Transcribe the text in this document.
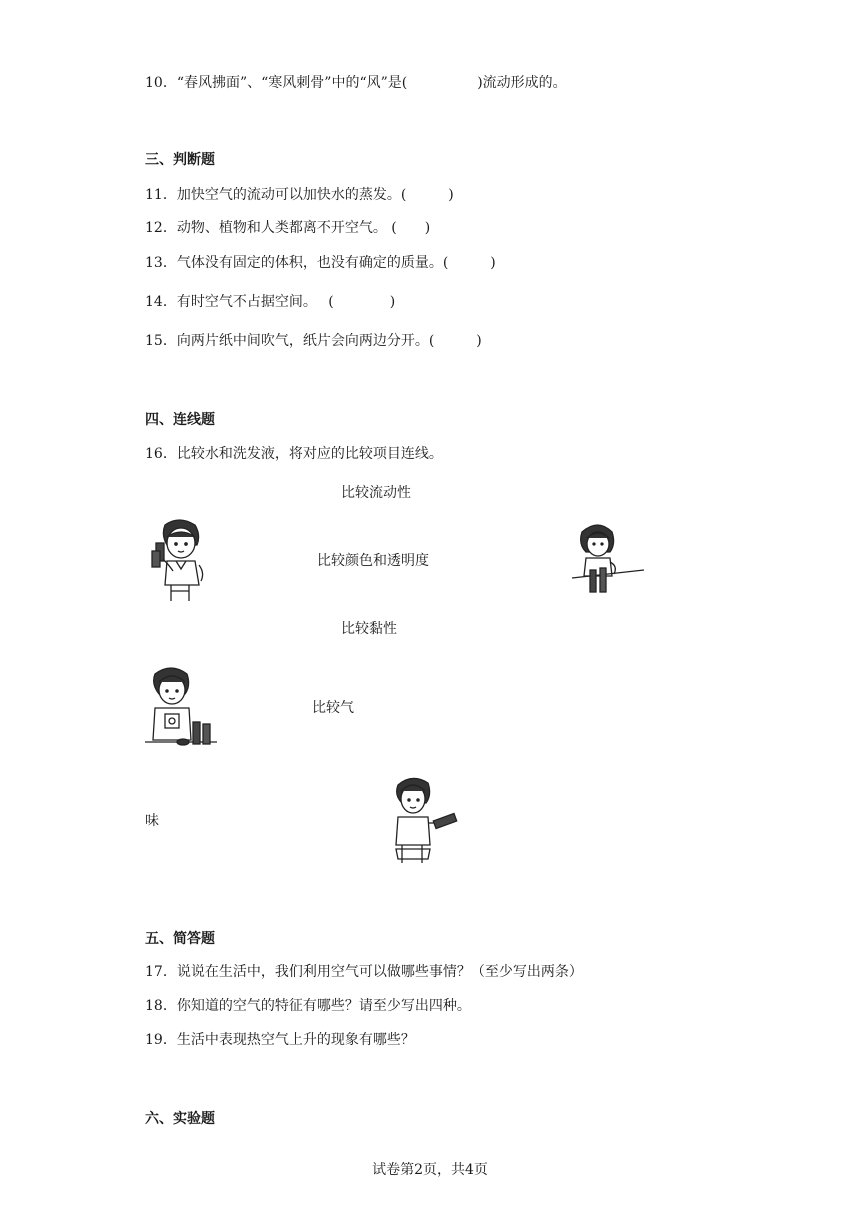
10．“春风拂面”、“寒风刺骨”中的“风”是(　　　　　)流动形成的。
三、判断题
11．加快空气的流动可以加快水的蒸发。(　　　)
12．动物、植物和人类都离不开空气。 (　　)
13．气体没有固定的体积，也没有确定的质量。(　　　)
14．有时空气不占据空间。　 (　　　　)
15．向两片纸中间吹气，纸片会向两边分开。(　　　)
四、连线题
16．比较水和洗发液，将对应的比较项目连线。
比较流动性
比较颜色和透明度
比较黏性
比较气
味
五、简答题
17．说说在生活中，我们利用空气可以做哪些事情？（至少写出两条）
18．你知道的空气的特征有哪些？请至少写出四种。
19．生活中表现热空气上升的现象有哪些？
六、实验题
试卷第2页，共4页
